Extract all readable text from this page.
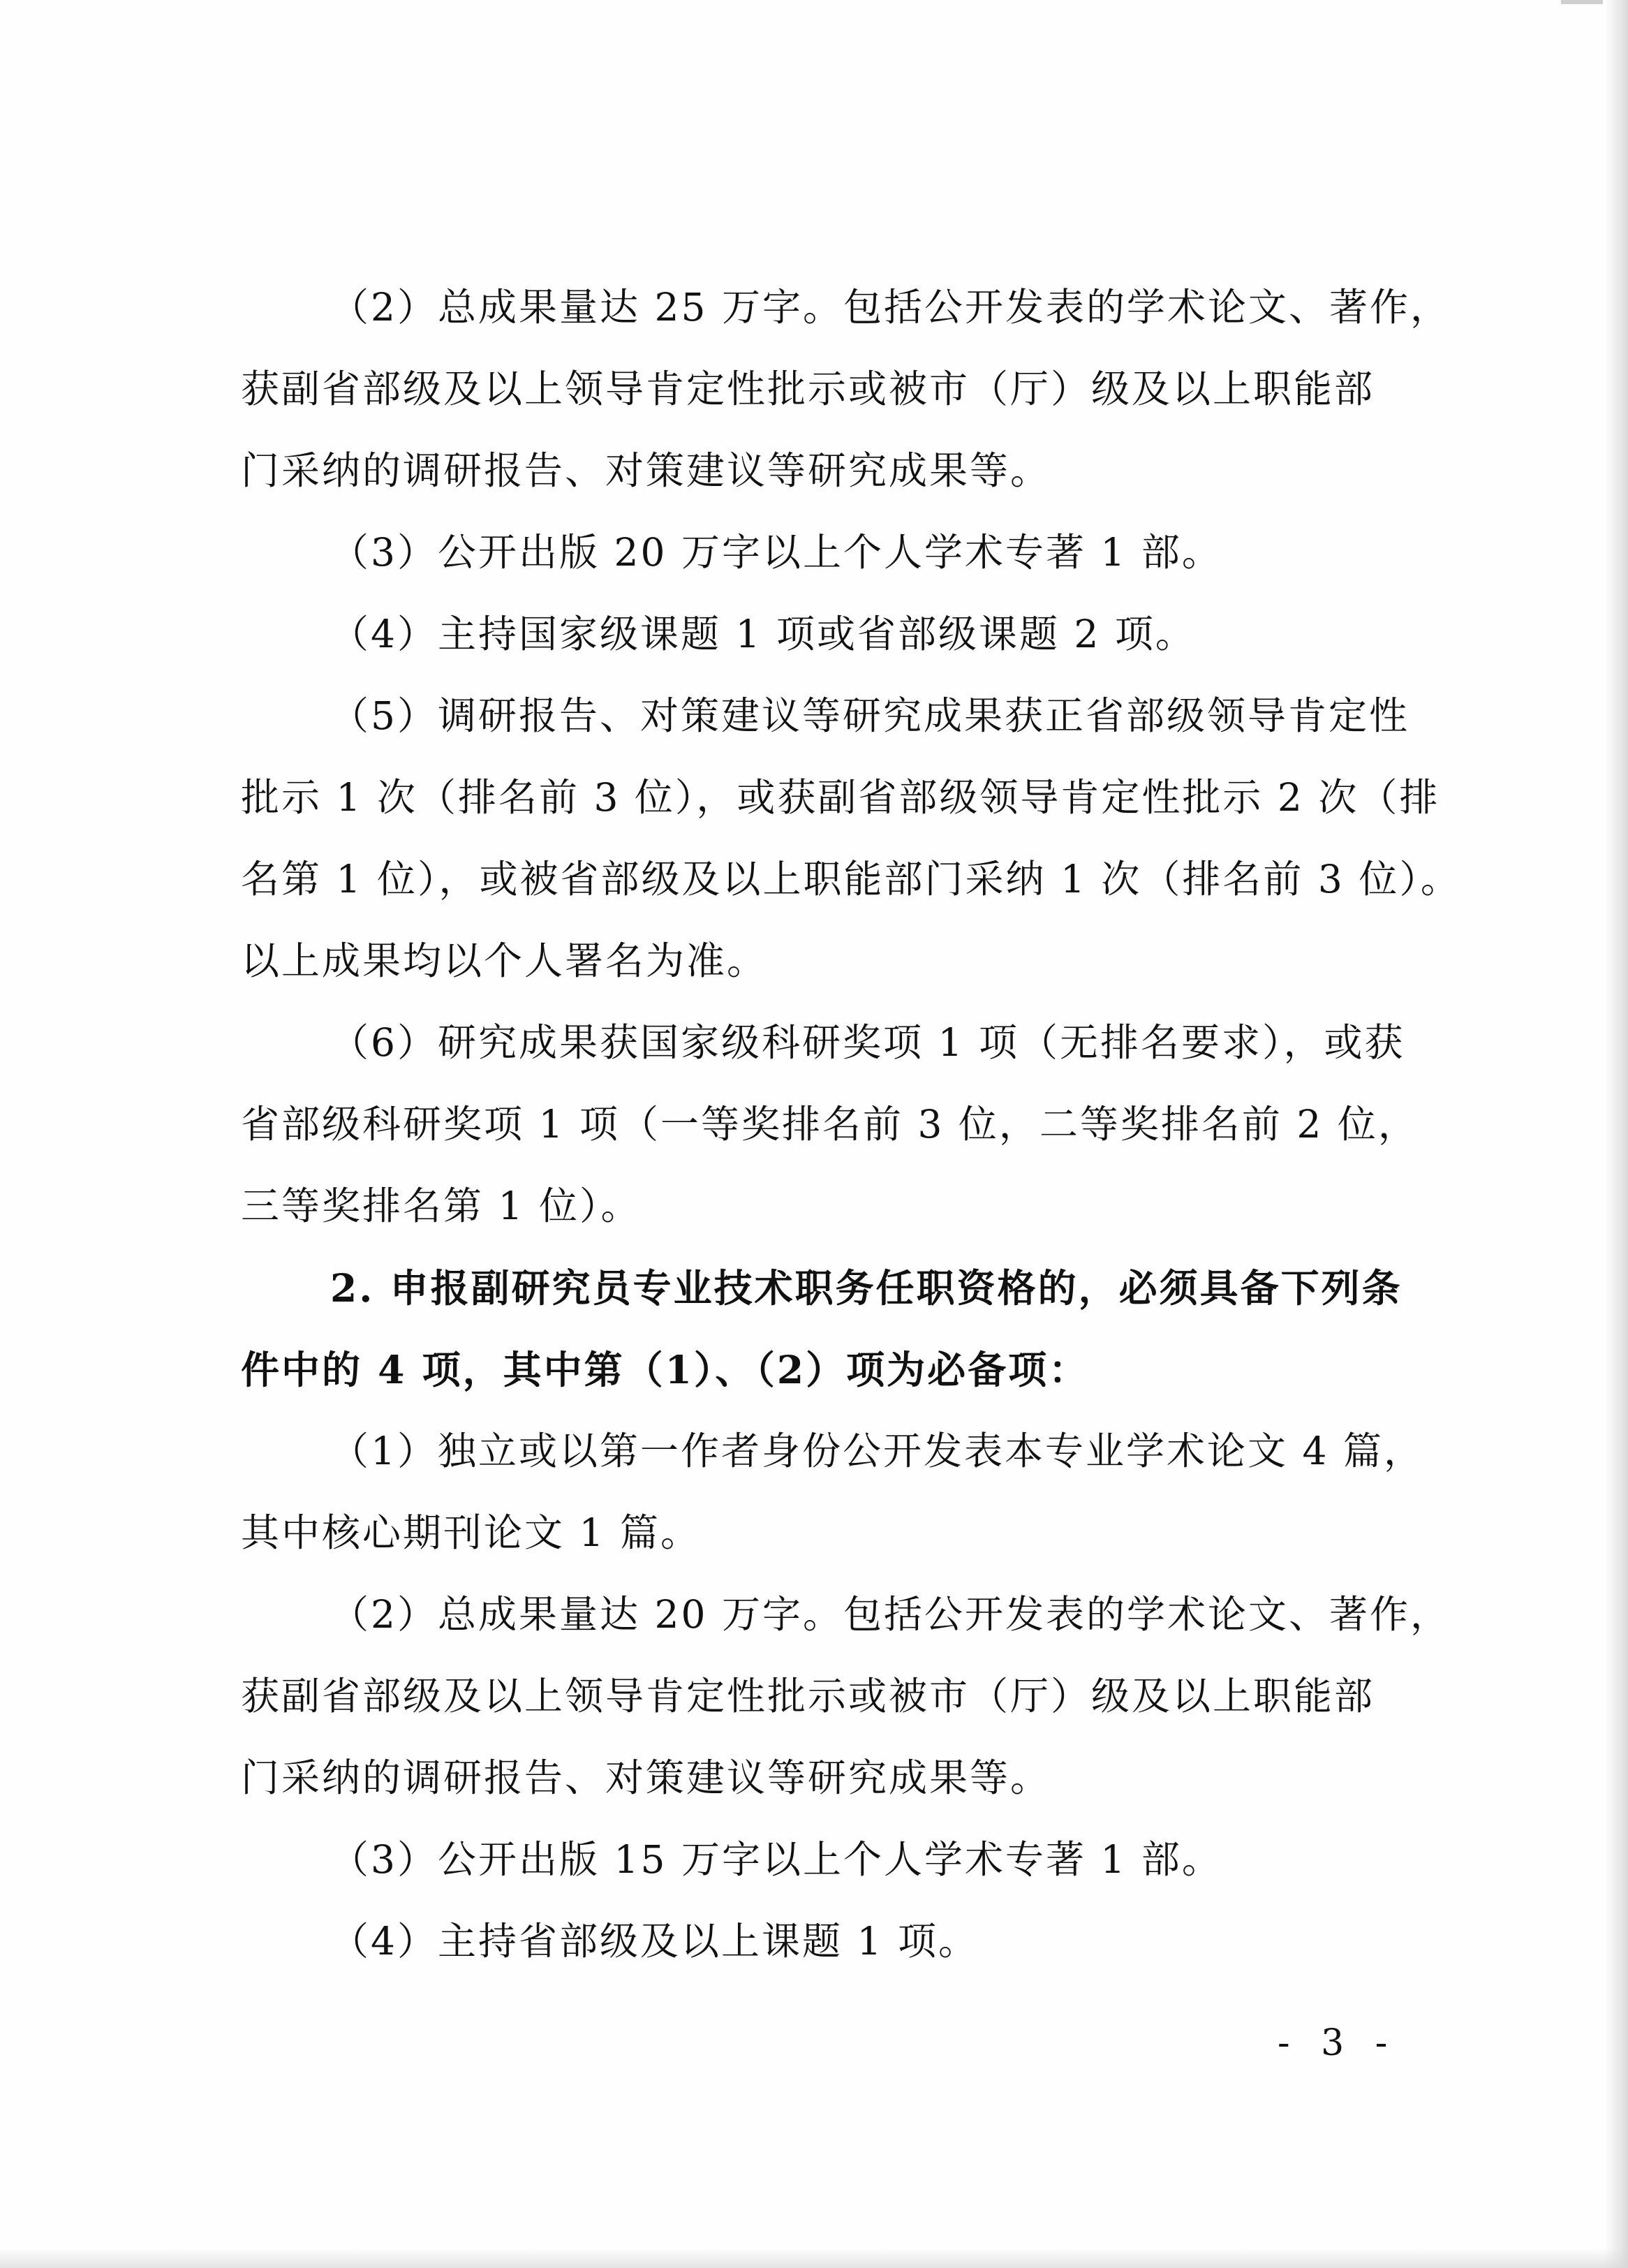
（2）总成果量达 25 万字。包括公开发表的学术论文、著作，
获副省部级及以上领导肯定性批示或被市（厅）级及以上职能部
门采纳的调研报告、对策建议等研究成果等。
（3）公开出版 20 万字以上个人学术专著 1 部。
（4）主持国家级课题 1 项或省部级课题 2 项。
（5）调研报告、对策建议等研究成果获正省部级领导肯定性
批示 1 次（排名前 3 位），或获副省部级领导肯定性批示 2 次（排
名第 1 位），或被省部级及以上职能部门采纳 1 次（排名前 3 位）。
以上成果均以个人署名为准。
（6）研究成果获国家级科研奖项 1 项（无排名要求），或获
省部级科研奖项 1 项（一等奖排名前 3 位，二等奖排名前 2 位，
三等奖排名第 1 位）。
2. 申报副研究员专业技术职务任职资格的，必须具备下列条
件中的 4 项，其中第（1）、（2）项为必备项：
（1）独立或以第一作者身份公开发表本专业学术论文 4 篇，
其中核心期刊论文 1 篇。
（2）总成果量达 20 万字。包括公开发表的学术论文、著作，
获副省部级及以上领导肯定性批示或被市（厅）级及以上职能部
门采纳的调研报告、对策建议等研究成果等。
（3）公开出版 15 万字以上个人学术专著 1 部。
（4）主持省部级及以上课题 1 项。
- 3 -
